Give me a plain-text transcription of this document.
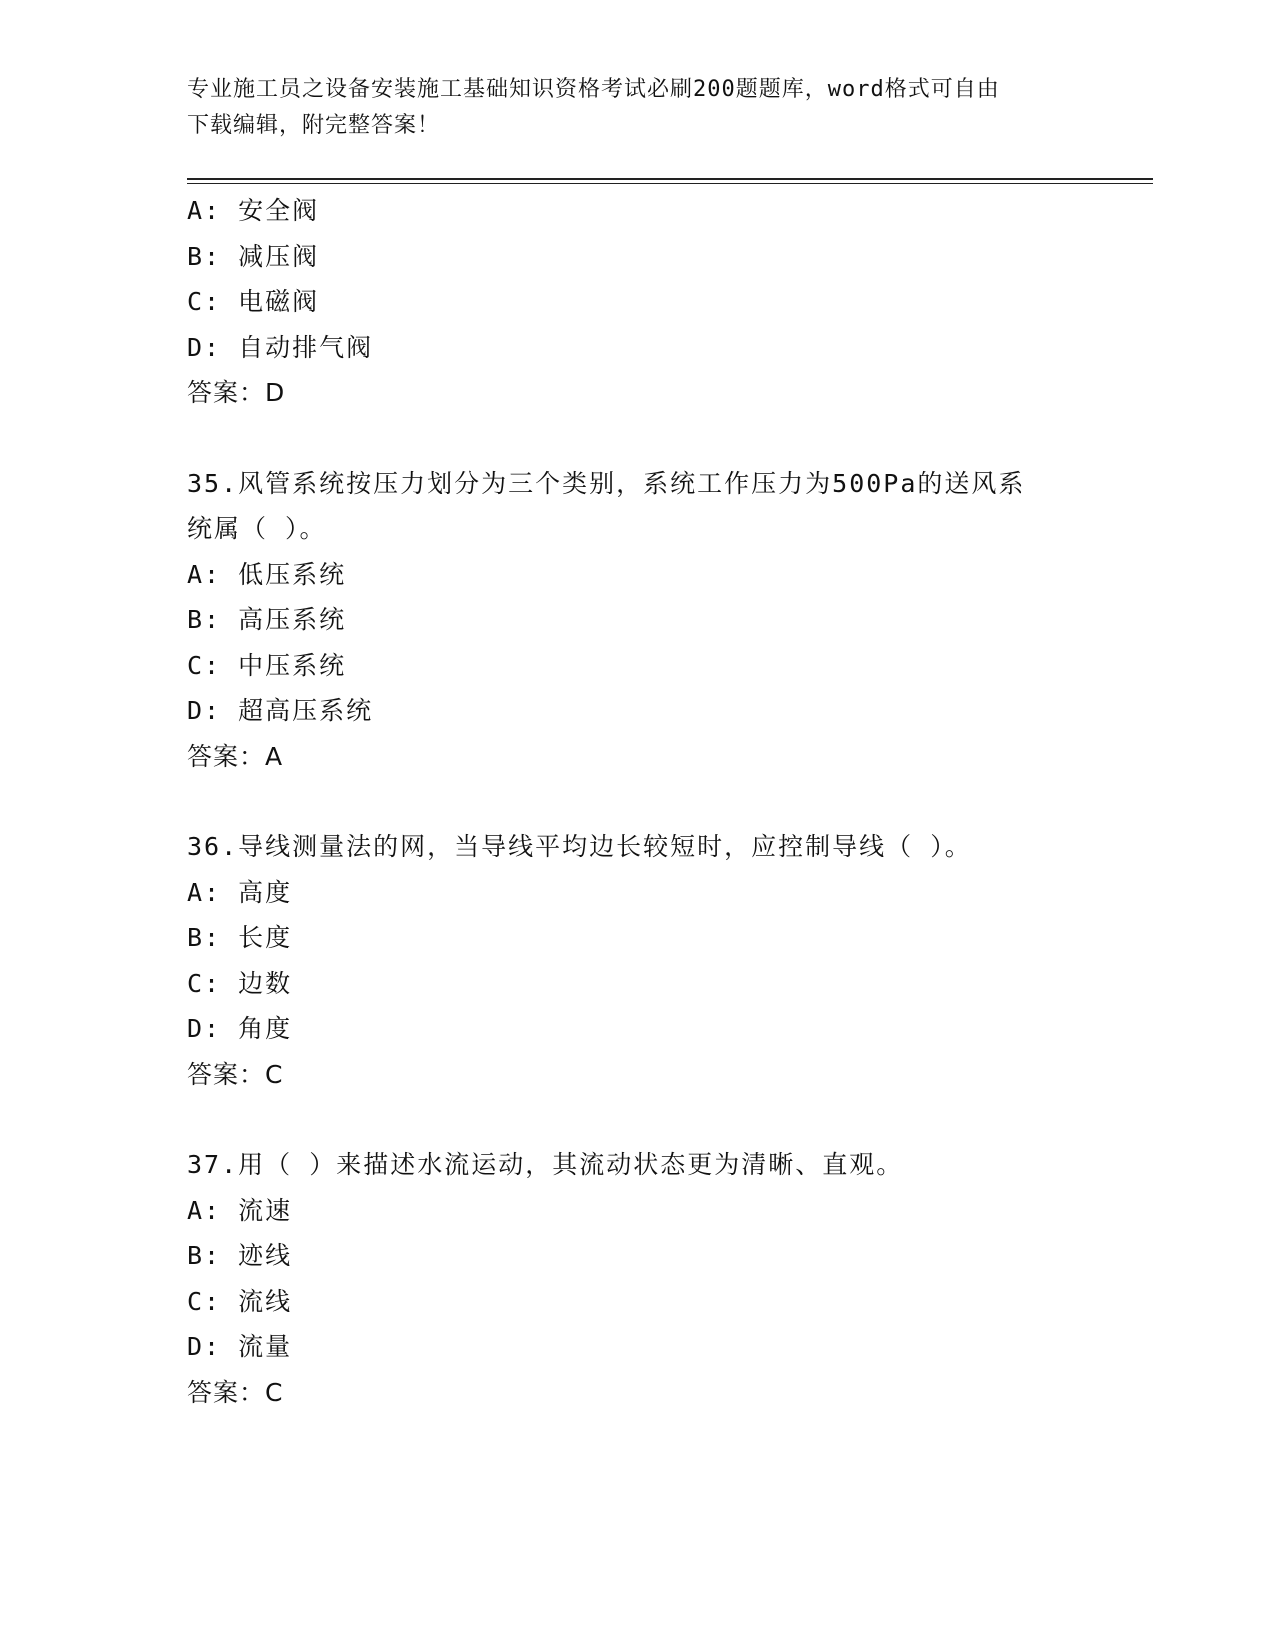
专业施工员之设备安装施工基础知识资格考试必刷200题题库，word格式可自由
下载编辑，附完整答案！
A: 安全阀
B: 减压阀
C: 电磁阀
D: 自动排气阀
答案：D
35.风管系统按压力划分为三个类别，系统工作压力为500Pa的送风系
统属（ ）。
A: 低压系统
B: 高压系统
C: 中压系统
D: 超高压系统
答案：A
36.导线测量法的网，当导线平均边长较短时，应控制导线（ ）。
A: 高度
B: 长度
C: 边数
D: 角度
答案：C
37.用（ ）来描述水流运动，其流动状态更为清晰、直观。
A: 流速
B: 迹线
C: 流线
D: 流量
答案：C
